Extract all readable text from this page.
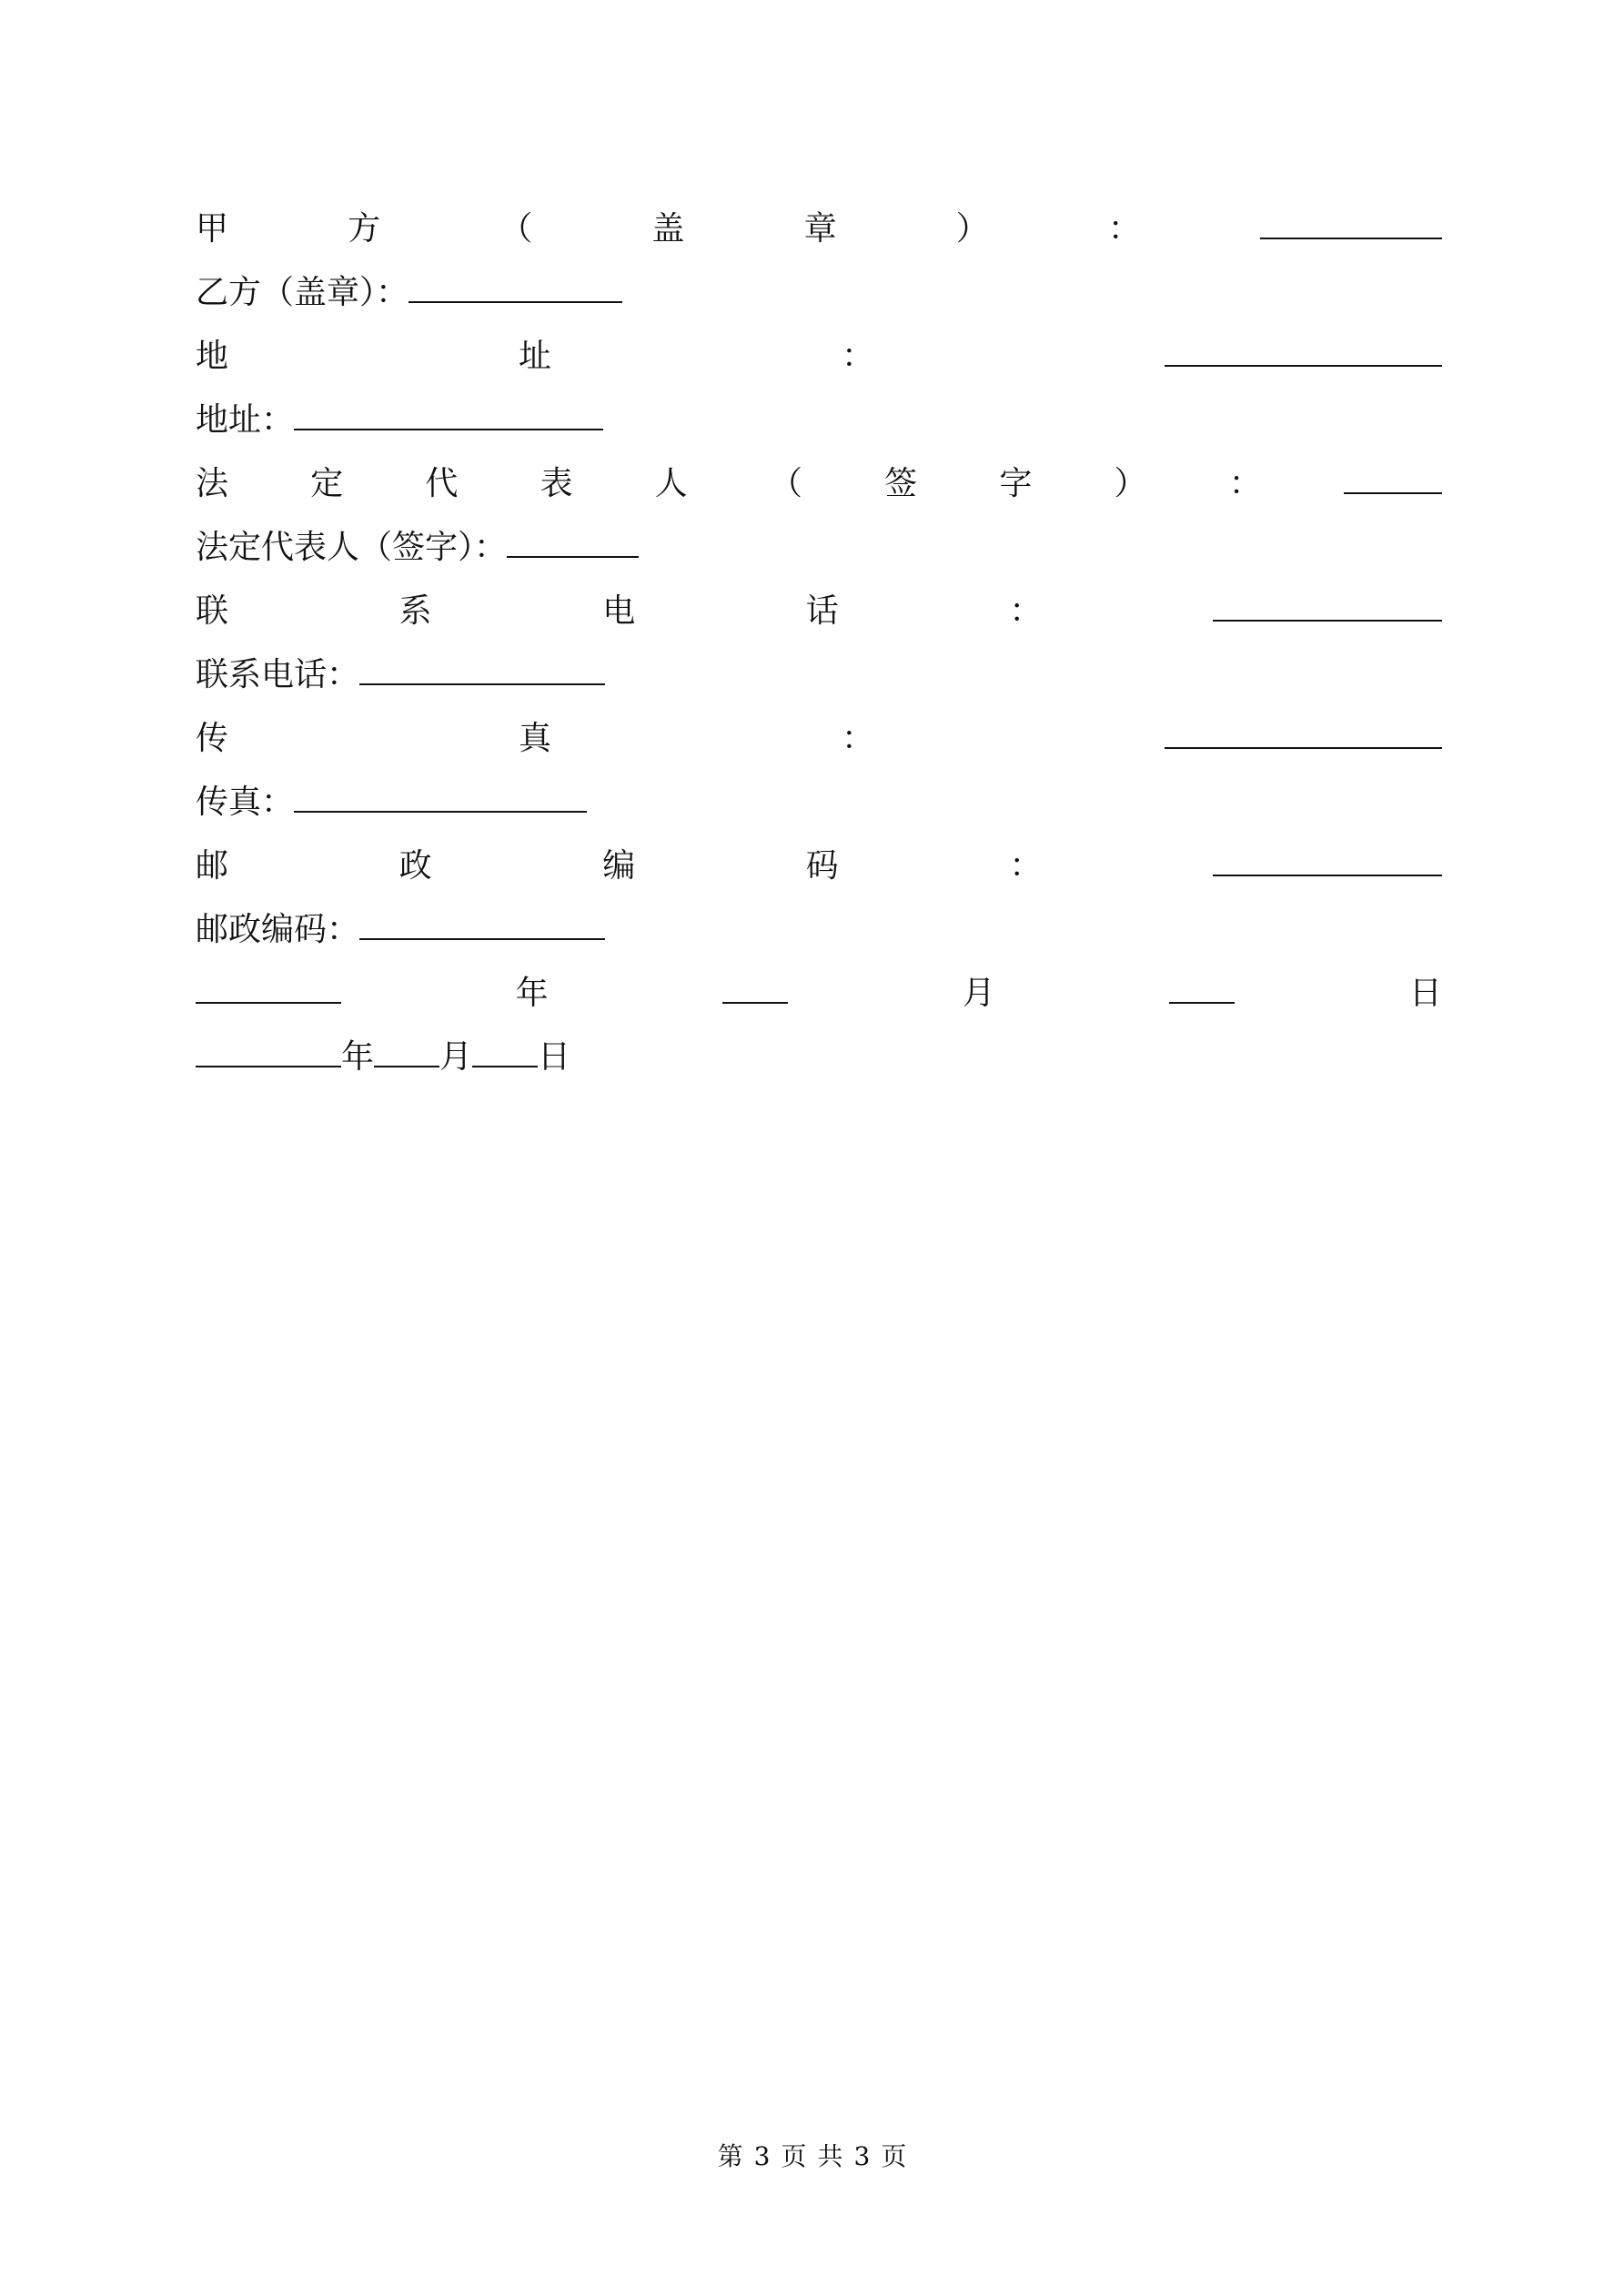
甲	方	（	盖	章	）	：
乙方（盖章）：
地	址	：
地址：
法	定	代	表	人	（	签	字	）	：
法定代表人（签字）：
联	系	电	话	：
联系电话：
传	真	：
传真：
邮	政	编	码	：
邮政编码：
年	月	日
年 月 日
第 3 页 共 3 页
